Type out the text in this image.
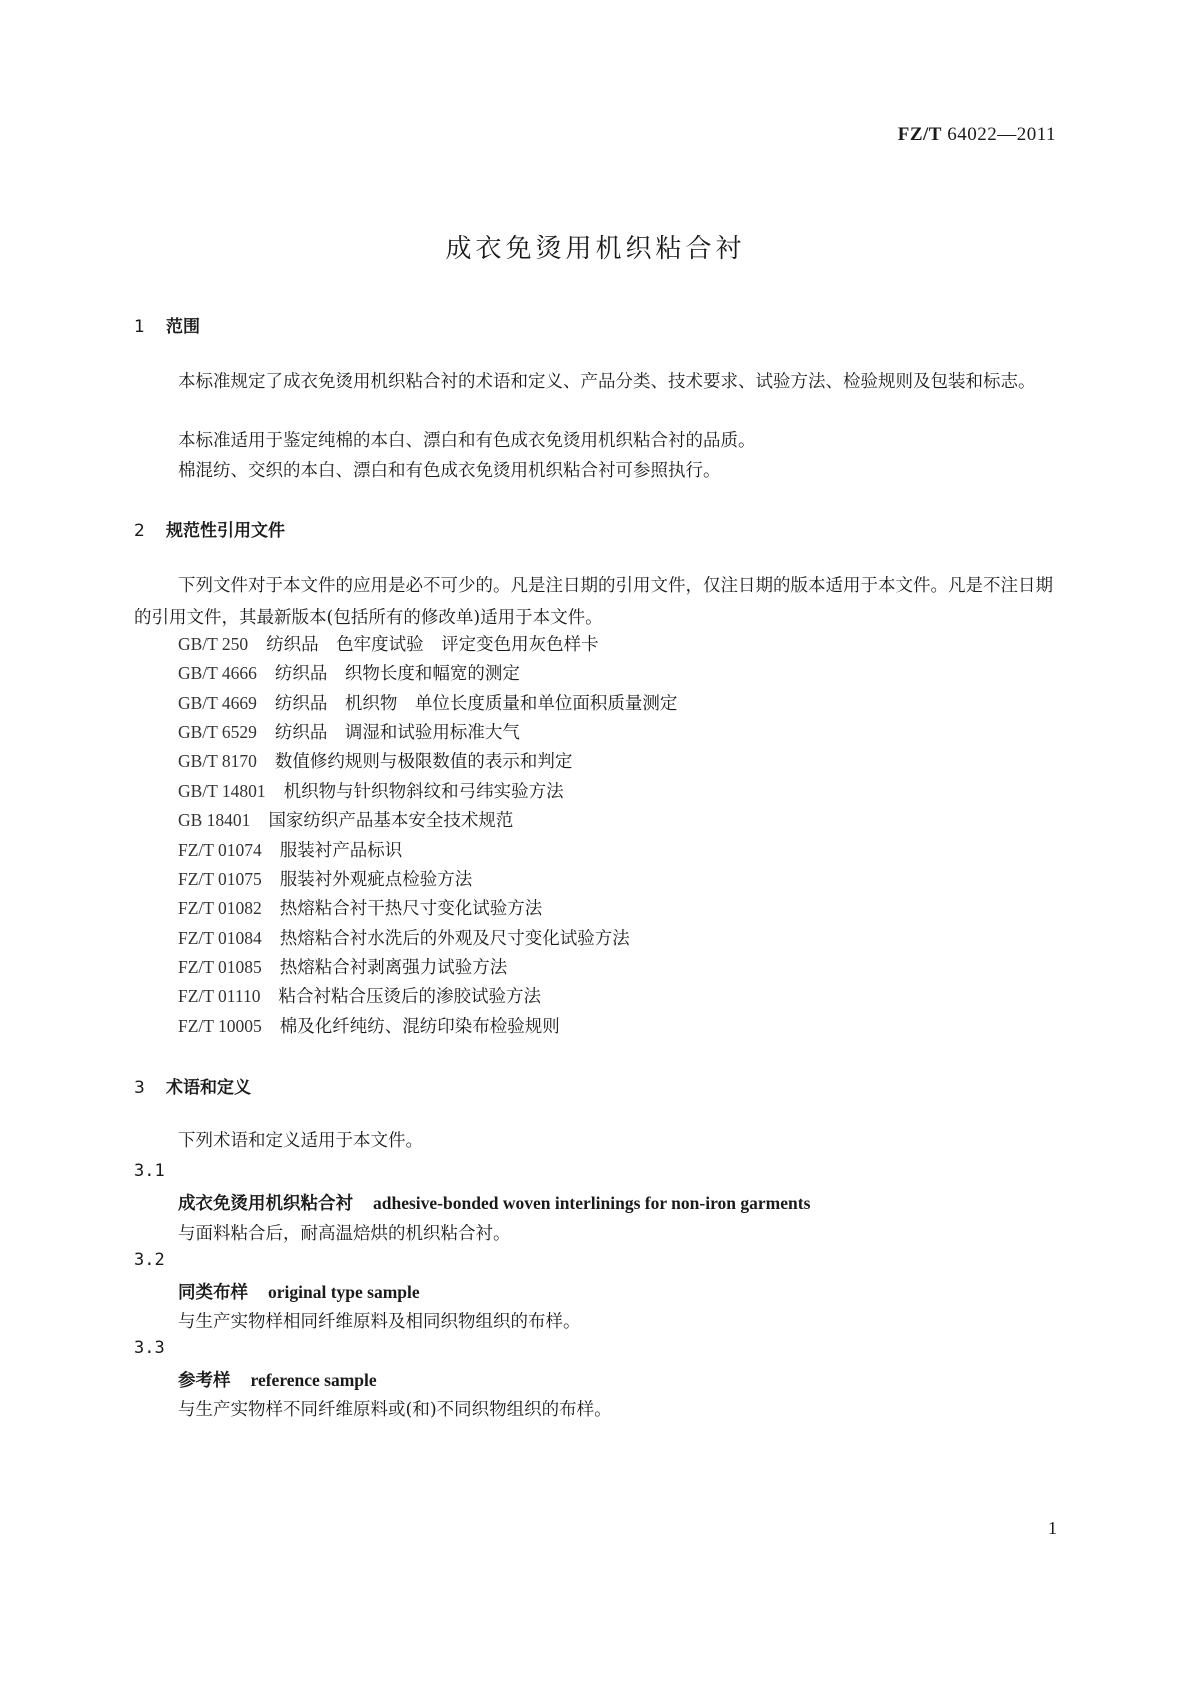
FZ/T 64022—2011
成衣免烫用机织粘合衬
1 范围
本标准规定了成衣免烫用机织粘合衬的术语和定义、产品分类、技术要求、试验方法、检验规则及包装和标志。
本标准适用于鉴定纯棉的本白、漂白和有色成衣免烫用机织粘合衬的品质。
棉混纺、交织的本白、漂白和有色成衣免烫用机织粘合衬可参照执行。
2 规范性引用文件
下列文件对于本文件的应用是必不可少的。凡是注日期的引用文件，仅注日期的版本适用于本文件。凡是不注日期的引用文件，其最新版本(包括所有的修改单)适用于本文件。
GB/T 250 纺织品　色牢度试验　评定变色用灰色样卡
GB/T 4666 纺织品　织物长度和幅宽的测定
GB/T 4669 纺织品　机织物　单位长度质量和单位面积质量测定
GB/T 6529 纺织品　调湿和试验用标准大气
GB/T 8170 数值修约规则与极限数值的表示和判定
GB/T 14801 机织物与针织物斜纹和弓纬实验方法
GB 18401 国家纺织产品基本安全技术规范
FZ/T 01074 服装衬产品标识
FZ/T 01075 服装衬外观疵点检验方法
FZ/T 01082 热熔粘合衬干热尺寸变化试验方法
FZ/T 01084 热熔粘合衬水洗后的外观及尺寸变化试验方法
FZ/T 01085 热熔粘合衬剥离强力试验方法
FZ/T 01110 粘合衬粘合压烫后的渗胶试验方法
FZ/T 10005 棉及化纤纯纺、混纺印染布检验规则
3 术语和定义
下列术语和定义适用于本文件。
3.1
成衣免烫用机织粘合衬 adhesive-bonded woven interlinings for non-iron garments
与面料粘合后，耐高温焙烘的机织粘合衬。
3.2
同类布样 original type sample
与生产实物样相同纤维原料及相同织物组织的布样。
3.3
参考样 reference sample
与生产实物样不同纤维原料或(和)不同织物组织的布样。
1
